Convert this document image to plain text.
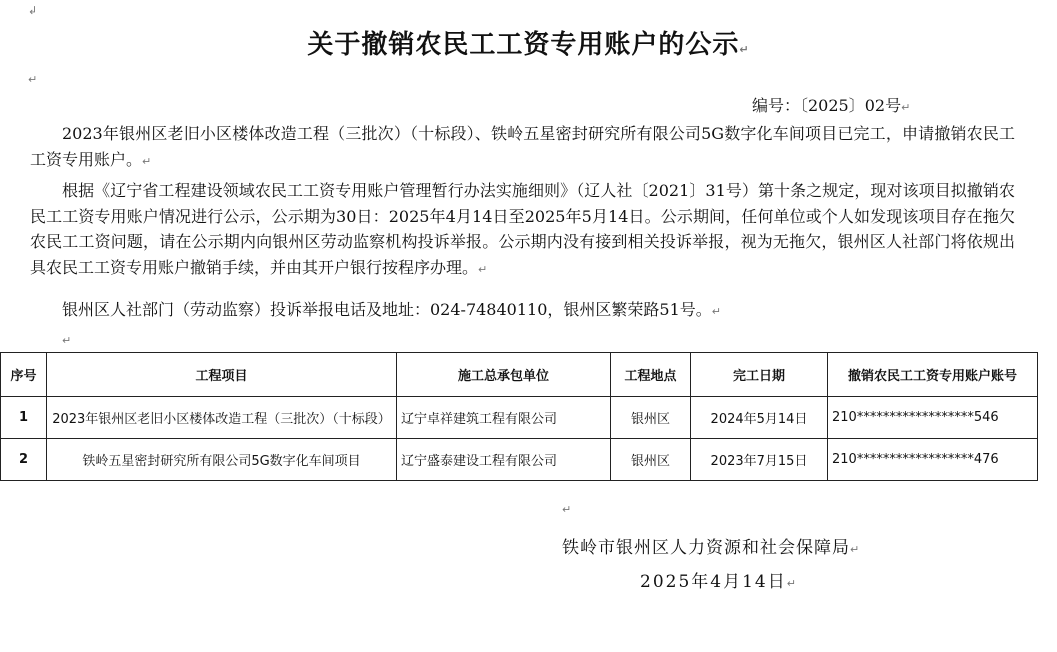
↲
关于撤销农民工工资专用账户的公示↵
↵
编号：〔2025〕02号↵

2023年银州区老旧小区楼体改造工程（三批次）（十标段）、铁岭五星密封研究所有限公司5G数字化车间项目已完工，申请撤销农民工工资专用账户。↵

根据《辽宁省工程建设领域农民工工资专用账户管理暂行办法实施细则》（辽人社〔2021〕31号）第十条之规定，现对该项目拟撤销农民工工资专用账户情况进行公示，公示期为30日：2025年4月14日至2025年5月14日。公示期间，任何单位或个人如发现该项目存在拖欠农民工工资问题，请在公示期内向银州区劳动监察机构投诉举报。公示期内没有接到相关投诉举报，视为无拖欠，银州区人社部门将依规出具农民工工资专用账户撤销手续，并由其开户银行按程序办理。↵

银州区人社部门（劳动监察）投诉举报电话及地址：024-74840110，银州区繁荣路51号。↵

↵
序号	工程项目	施工总承包单位	工程地点	完工日期	撤销农民工工资专用账户账号
1	2023年银州区老旧小区楼体改造工程（三批次）（十标段）	辽宁卓祥建筑工程有限公司	银州区	2024年5月14日	210******************546
2	铁岭五星密封研究所有限公司5G数字化车间项目	辽宁盛泰建设工程有限公司	银州区	2023年7月15日	210******************476
↵
铁岭市银州区人力资源和社会保障局↵
2025年4月14日↵
